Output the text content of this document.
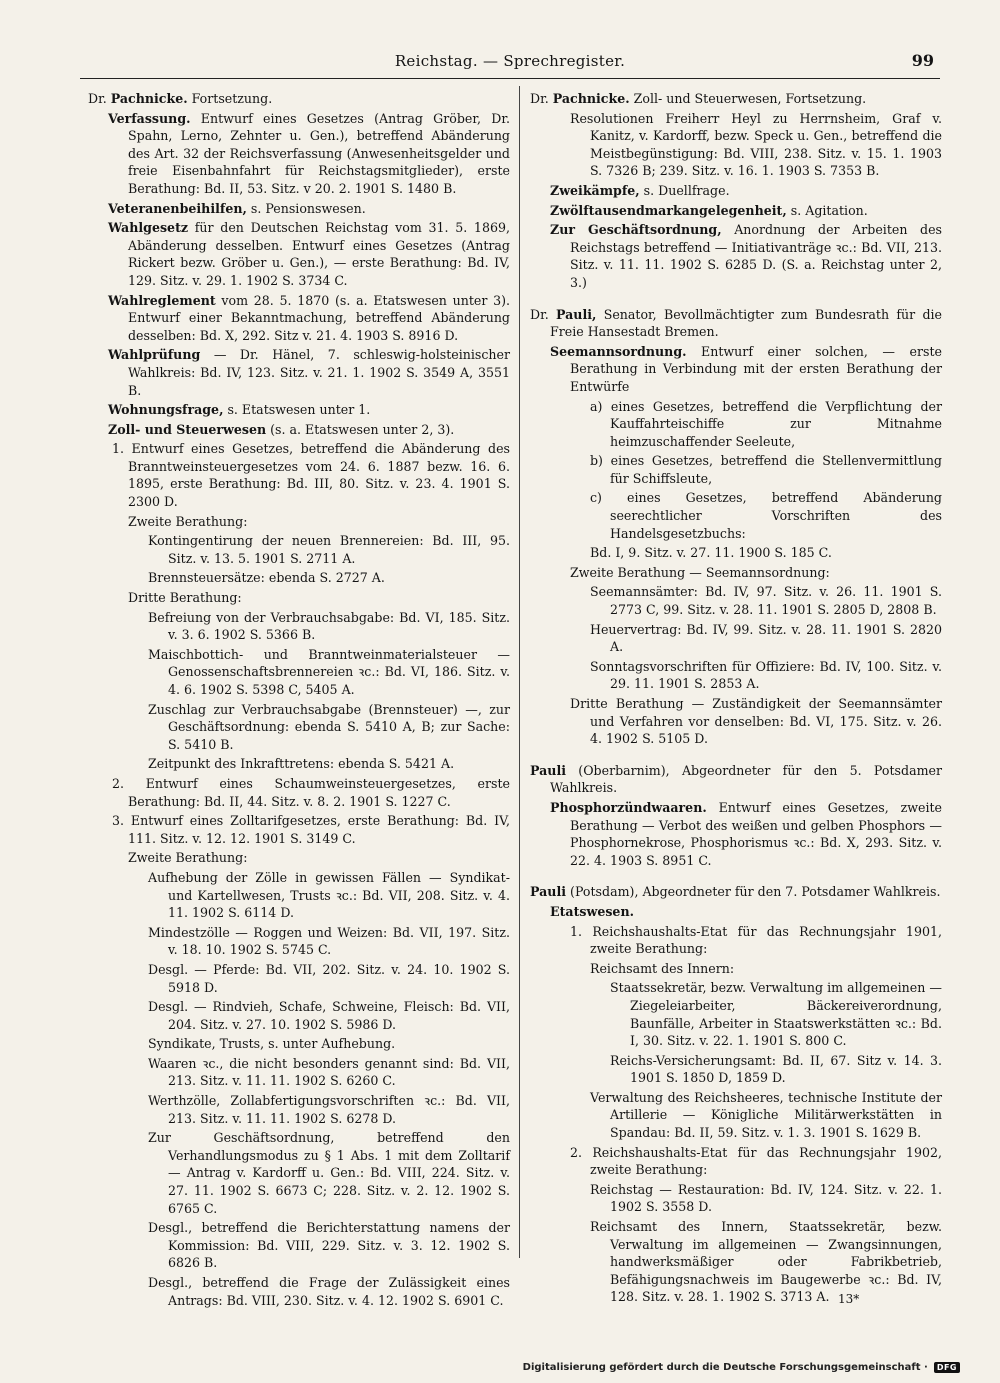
Reichstag. — Sprechregister.	99

Dr. Pachnicke. Fortsetzung.

Verfassung. Entwurf eines Gesetzes (Antrag Gröber, Dr. Spahn, Lerno, Zehnter u. Gen.), betreffend Abänderung des Art. 32 der Reichsverfassung (Anwesenheitsgelder und freie Eisenbahnfahrt für Reichstagsmitglieder), erste Berathung: Bd. II, 53. Sitz. v 20. 2. 1901 S. 1480 B.

Veteranenbeihilfen, s. Pensionswesen.

Wahlgesetz für den Deutschen Reichstag vom 31. 5. 1869, Abänderung desselben. Entwurf eines Gesetzes (Antrag Rickert bezw. Gröber u. Gen.), — erste Berathung: Bd. IV, 129. Sitz. v. 29. 1. 1902 S. 3734 C.

Wahlreglement vom 28. 5. 1870 (s. a. Etatswesen unter 3). Entwurf einer Bekanntmachung, betreffend Abänderung desselben: Bd. X, 292. Sitz v. 21. 4. 1903 S. 8916 D.

Wahlprüfung — Dr. Hänel, 7. schleswig-holsteinischer Wahlkreis: Bd. IV, 123. Sitz. v. 21. 1. 1902 S. 3549 A, 3551 B.

Wohnungsfrage, s. Etatswesen unter 1.

Zoll- und Steuerwesen (s. a. Etatswesen unter 2, 3).

1. Entwurf eines Gesetzes, betreffend die Abänderung des Branntweinsteuergesetzes vom 24. 6. 1887 bezw. 16. 6. 1895, erste Berathung: Bd. III, 80. Sitz. v. 23. 4. 1901 S. 2300 D.

Zweite Berathung:

Kontingentirung der neuen Brennereien: Bd. III, 95. Sitz. v. 13. 5. 1901 S. 2711 A.

Brennsteuersätze: ebenda S. 2727 A.

Dritte Berathung:

Befreiung von der Verbrauchsabgabe: Bd. VI, 185. Sitz. v. 3. 6. 1902 S. 5366 B.

Maischbottich- und Branntweinmaterialsteuer — Genossenschaftsbrennereien ꝛc.: Bd. VI, 186. Sitz. v. 4. 6. 1902 S. 5398 C, 5405 A.

Zuschlag zur Verbrauchsabgabe (Brennsteuer) —, zur Geschäftsordnung: ebenda S. 5410 A, B; zur Sache: S. 5410 B.

Zeitpunkt des Inkrafttretens: ebenda S. 5421 A.

2. Entwurf eines Schaumweinsteuergesetzes, erste Berathung: Bd. II, 44. Sitz. v. 8. 2. 1901 S. 1227 C.

3. Entwurf eines Zolltarifgesetzes, erste Berathung: Bd. IV, 111. Sitz. v. 12. 12. 1901 S. 3149 C.

Zweite Berathung:

Aufhebung der Zölle in gewissen Fällen — Syndikat- und Kartellwesen, Trusts ꝛc.: Bd. VII, 208. Sitz. v. 4. 11. 1902 S. 6114 D.

Mindestzölle — Roggen und Weizen: Bd. VII, 197. Sitz. v. 18. 10. 1902 S. 5745 C.

Desgl. — Pferde: Bd. VII, 202. Sitz. v. 24. 10. 1902 S. 5918 D.

Desgl. — Rindvieh, Schafe, Schweine, Fleisch: Bd. VII, 204. Sitz. v. 27. 10. 1902 S. 5986 D.

Syndikate, Trusts, s. unter Aufhebung.

Waaren ꝛc., die nicht besonders genannt sind: Bd. VII, 213. Sitz. v. 11. 11. 1902 S. 6260 C.

Werthzölle, Zollabfertigungsvorschriften ꝛc.: Bd. VII, 213. Sitz. v. 11. 11. 1902 S. 6278 D.

Zur Geschäftsordnung, betreffend den Verhandlungsmodus zu § 1 Abs. 1 mit dem Zolltarif — Antrag v. Kardorff u. Gen.: Bd. VIII, 224. Sitz. v. 27. 11. 1902 S. 6673 C; 228. Sitz. v. 2. 12. 1902 S. 6765 C.

Desgl., betreffend die Berichterstattung namens der Kommission: Bd. VIII, 229. Sitz. v. 3. 12. 1902 S. 6826 B.

Desgl., betreffend die Frage der Zulässigkeit eines Antrags: Bd. VIII, 230. Sitz. v. 4. 12. 1902 S. 6901 C.

Dr. Pachnicke. Zoll- und Steuerwesen, Fortsetzung.

Resolutionen Freiherr Heyl zu Herrnsheim, Graf v. Kanitz, v. Kardorff, bezw. Speck u. Gen., betreffend die Meistbegünstigung: Bd. VIII, 238. Sitz. v. 15. 1. 1903 S. 7326 B; 239. Sitz. v. 16. 1. 1903 S. 7353 B.

Zweikämpfe, s. Duellfrage.

Zwölftausendmarkangelegenheit, s. Agitation.

Zur Geschäftsordnung, Anordnung der Arbeiten des Reichstags betreffend — Initiativanträge ꝛc.: Bd. VII, 213. Sitz. v. 11. 11. 1902 S. 6285 D. (S. a. Reichstag unter 2, 3.)

Dr. Pauli, Senator, Bevollmächtigter zum Bundesrath für die Freie Hansestadt Bremen.

Seemannsordnung. Entwurf einer solchen, — erste Berathung in Verbindung mit der ersten Berathung der Entwürfe

a) eines Gesetzes, betreffend die Verpflichtung der Kauffahrteischiffe zur Mitnahme heimzuschaffender Seeleute,

b) eines Gesetzes, betreffend die Stellenvermittlung für Schiffsleute,

c) eines Gesetzes, betreffend Abänderung seerechtlicher Vorschriften des Handelsgesetzbuchs:

Bd. I, 9. Sitz. v. 27. 11. 1900 S. 185 C.

Zweite Berathung — Seemannsordnung:

Seemannsämter: Bd. IV, 97. Sitz. v. 26. 11. 1901 S. 2773 C, 99. Sitz. v. 28. 11. 1901 S. 2805 D, 2808 B.

Heuervertrag: Bd. IV, 99. Sitz. v. 28. 11. 1901 S. 2820 A.

Sonntagsvorschriften für Offiziere: Bd. IV, 100. Sitz. v. 29. 11. 1901 S. 2853 A.

Dritte Berathung — Zuständigkeit der Seemannsämter und Verfahren vor denselben: Bd. VI, 175. Sitz. v. 26. 4. 1902 S. 5105 D.

Pauli (Oberbarnim), Abgeordneter für den 5. Potsdamer Wahlkreis.

Phosphorzündwaaren. Entwurf eines Gesetzes, zweite Berathung — Verbot des weißen und gelben Phosphors — Phosphornekrose, Phosphorismus ꝛc.: Bd. X, 293. Sitz. v. 22. 4. 1903 S. 8951 C.

Pauli (Potsdam), Abgeordneter für den 7. Potsdamer Wahlkreis.

Etatswesen.

1. Reichshaushalts-Etat für das Rechnungsjahr 1901, zweite Berathung:

Reichsamt des Innern:

Staatssekretär, bezw. Verwaltung im allgemeinen — Ziegeleiarbeiter, Bäckereiverordnung, Baunfälle, Arbeiter in Staatswerkstätten ꝛc.: Bd. I, 30. Sitz. v. 22. 1. 1901 S. 800 C.

Reichs-Versicherungsamt: Bd. II, 67. Sitz v. 14. 3. 1901 S. 1850 D, 1859 D.

Verwaltung des Reichsheeres, technische Institute der Artillerie — Königliche Militärwerkstätten in Spandau: Bd. II, 59. Sitz. v. 1. 3. 1901 S. 1629 B.

2. Reichshaushalts-Etat für das Rechnungsjahr 1902, zweite Berathung:

Reichstag — Restauration: Bd. IV, 124. Sitz. v. 22. 1. 1902 S. 3558 D.

Reichsamt des Innern, Staatssekretär, bezw. Verwaltung im allgemeinen — Zwangsinnungen, handwerksmäßiger oder Fabrikbetrieb, Befähigungsnachweis im Baugewerbe ꝛc.: Bd. IV, 128. Sitz. v. 28. 1. 1902 S. 3713 A. 13*
Digitalisierung gefördert durch die Deutsche Forschungsgemeinschaft ·	DFG
